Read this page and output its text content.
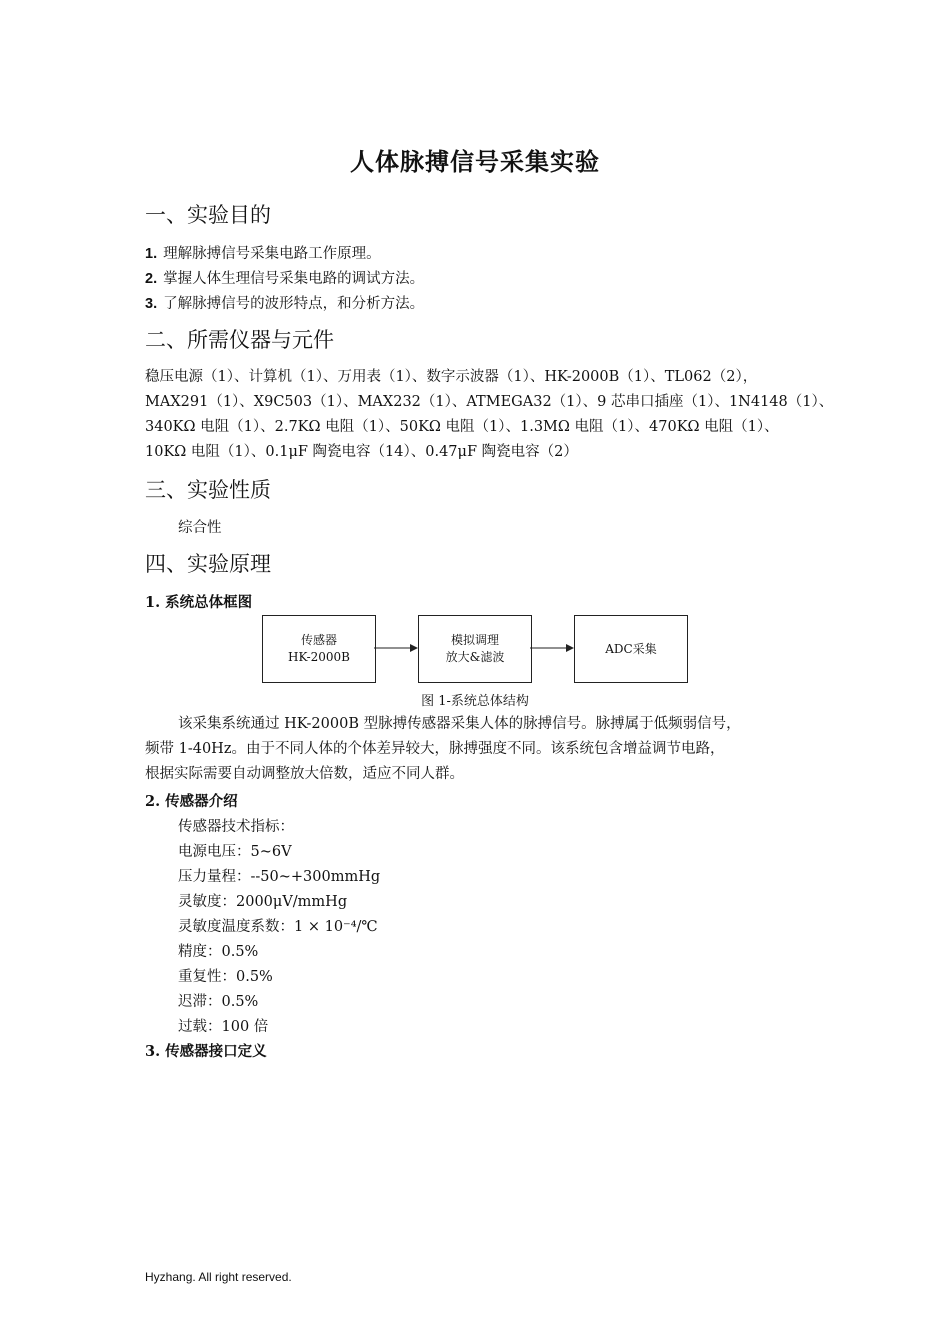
人体脉搏信号采集实验
一、实验目的
1. 理解脉搏信号采集电路工作原理。
2. 掌握人体生理信号采集电路的调试方法。
3. 了解脉搏信号的波形特点，和分析方法。
二、所需仪器与元件
稳压电源（1）、计算机（1）、万用表（1）、数字示波器（1）、HK-2000B（1）、TL062（2），
MAX291（1）、X9C503（1）、MAX232（1）、ATMEGA32（1）、9 芯串口插座（1）、1N4148（1）、
340KΩ 电阻（1）、2.7KΩ 电阻（1）、50KΩ 电阻（1）、1.3MΩ 电阻（1）、470KΩ 电阻（1）、
10KΩ 电阻（1）、0.1μF 陶瓷电容（14）、0.47μF 陶瓷电容（2）
三、实验性质
综合性
四、实验原理
1. 系统总体框图
传感器
HK-2000B
模拟调理
放大&滤波
ADC采集
图 1-系统总体结构
该采集系统通过 HK-2000B 型脉搏传感器采集人体的脉搏信号。脉搏属于低频弱信号，
频带 1-40Hz。由于不同人体的个体差异较大，脉搏强度不同。该系统包含增益调节电路，
根据实际需要自动调整放大倍数，适应不同人群。
2. 传感器介绍
传感器技术指标：
电源电压：5~6V
压力量程：--50~+300mmHg
灵敏度：2000μV/mmHg
灵敏度温度系数：1 × 10⁻⁴/℃
精度：0.5%
重复性：0.5%
迟滞：0.5%
过载：100 倍
3. 传感器接口定义
Hyzhang. All right reserved.
